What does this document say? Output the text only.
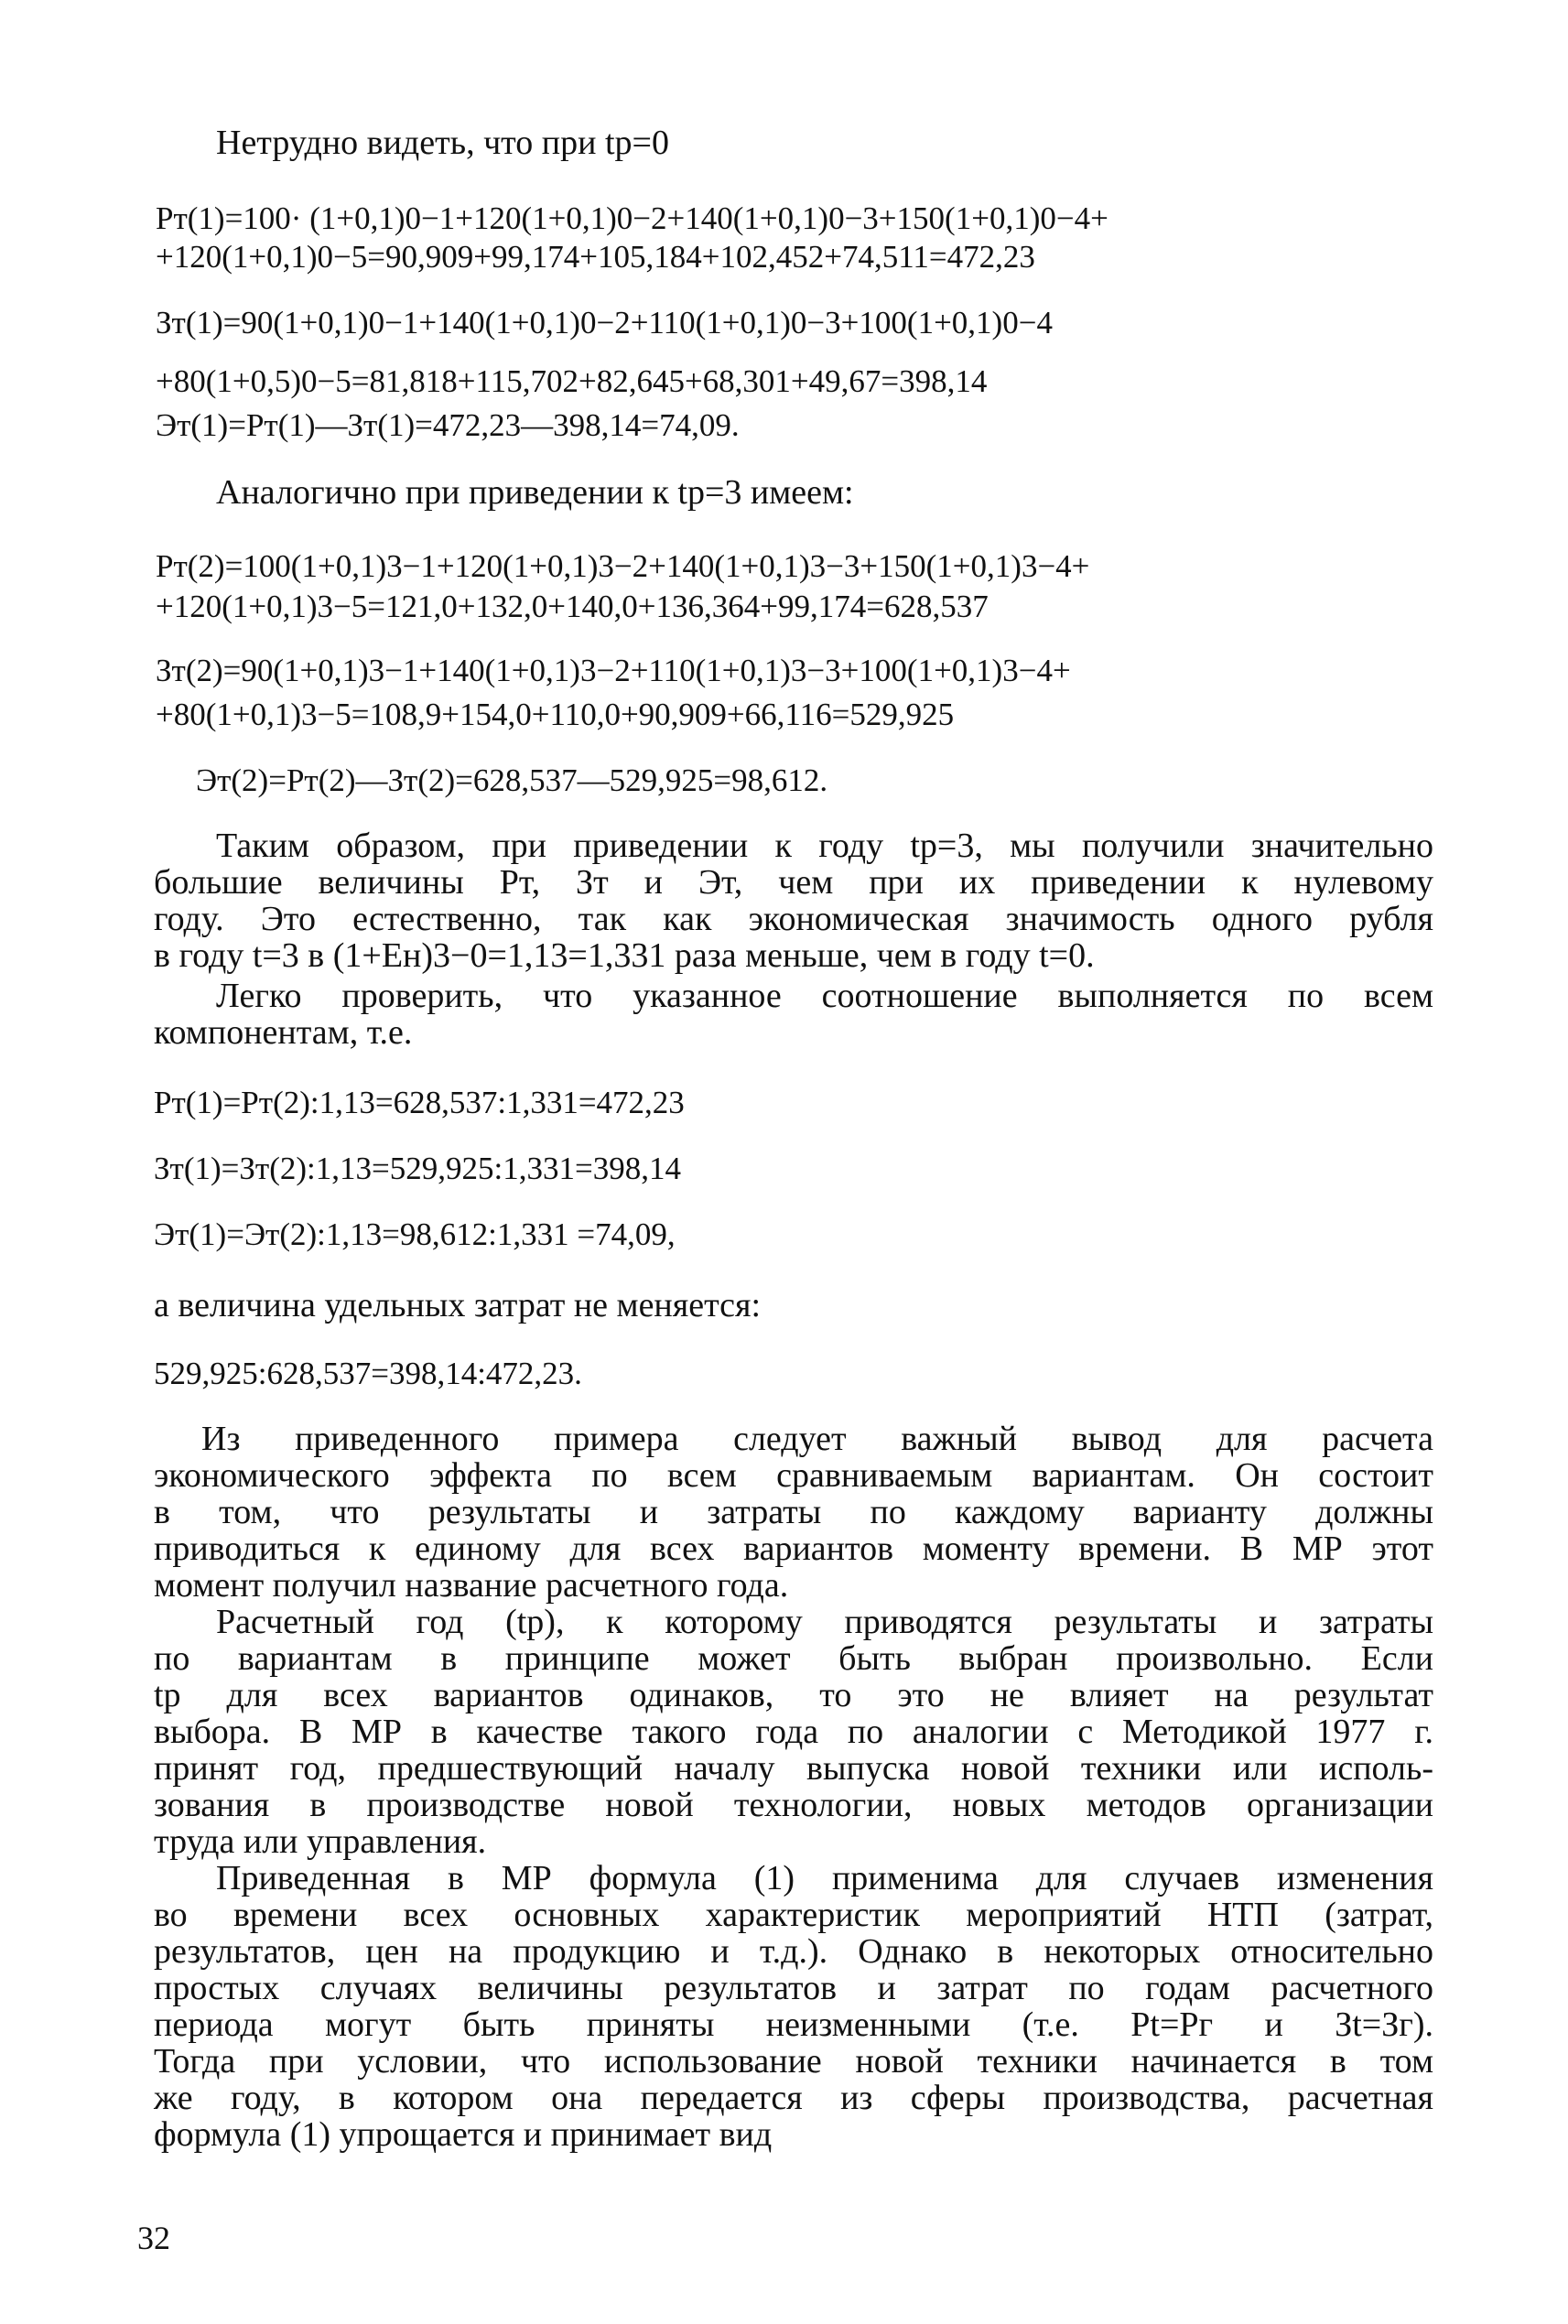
Нетрудно видеть, что при tр=0
Рт(1)=100· (1+0,1)0−1+120(1+0,1)0−2+140(1+0,1)0−3+150(1+0,1)0−4+
+120(1+0,1)0−5=90,909+99,174+105,184+102,452+74,511=472,23
Зт(1)=90(1+0,1)0−1+140(1+0,1)0−2+110(1+0,1)0−3+100(1+0,1)0−4
+80(1+0,5)0−5=81,818+115,702+82,645+68,301+49,67=398,14
Эт(1)=Рт(1)—Зт(1)=472,23—398,14=74,09.
Аналогично при приведении к tр=3 имеем:
Рт(2)=100(1+0,1)3−1+120(1+0,1)3−2+140(1+0,1)3−3+150(1+0,1)3−4+
+120(1+0,1)3−5=121,0+132,0+140,0+136,364+99,174=628,537
Зт(2)=90(1+0,1)3−1+140(1+0,1)3−2+110(1+0,1)3−3+100(1+0,1)3−4+
+80(1+0,1)3−5=108,9+154,0+110,0+90,909+66,116=529,925
Эт(2)=Рт(2)—Зт(2)=628,537—529,925=98,612.
Таким образом, при приведении к году tр=3, мы получили значительно
большие величины Рт, Зт и Эт, чем при их приведении к нулевому
году. Это естественно, так как экономическая значимость одного рубля
в году t=3 в (1+Ен)3−0=1,13=1,331 раза меньше, чем в году t=0.
Легко проверить, что указанное соотношение выполняется по всем
компонентам, т.е.
Рт(1)=Рт(2):1,13=628,537:1,331=472,23
Зт(1)=Зт(2):1,13=529,925:1,331=398,14
Эт(1)=Эт(2):1,13=98,612:1,331 =74,09,
а величина удельных затрат не меняется:
529,925:628,537=398,14:472,23.
Из приведенного примера следует важный вывод для расчета
экономического эффекта по всем сравниваемым вариантам. Он состоит
в том, что результаты и затраты по каждому варианту должны
приводиться к единому для всех вариантов моменту времени. В МР этот
момент получил название расчетного года.
Расчетный год (tр), к которому приводятся результаты и затраты
по вариантам в принципе может быть выбран произвольно. Если
tр для всех вариантов одинаков, то это не влияет на результат
выбора. В МР в качестве такого года по аналогии с Методикой 1977 г.
принят год, предшествующий началу выпуска новой техники или исполь-
зования в производстве новой технологии, новых методов организации
труда или управления.
Приведенная в МР формула (1) применима для случаев изменения
во времени всех основных характеристик мероприятий НТП (затрат,
результатов, цен на продукцию и т.д.). Однако в некоторых относительно
простых случаях величины результатов и затрат по годам расчетного
периода могут быть приняты неизменными (т.е. Рt=Рг и Зt=Зг).
Тогда при условии, что использование новой техники начинается в том
же году, в котором она передается из сферы производства, расчетная
формула (1) упрощается и принимает вид
32
